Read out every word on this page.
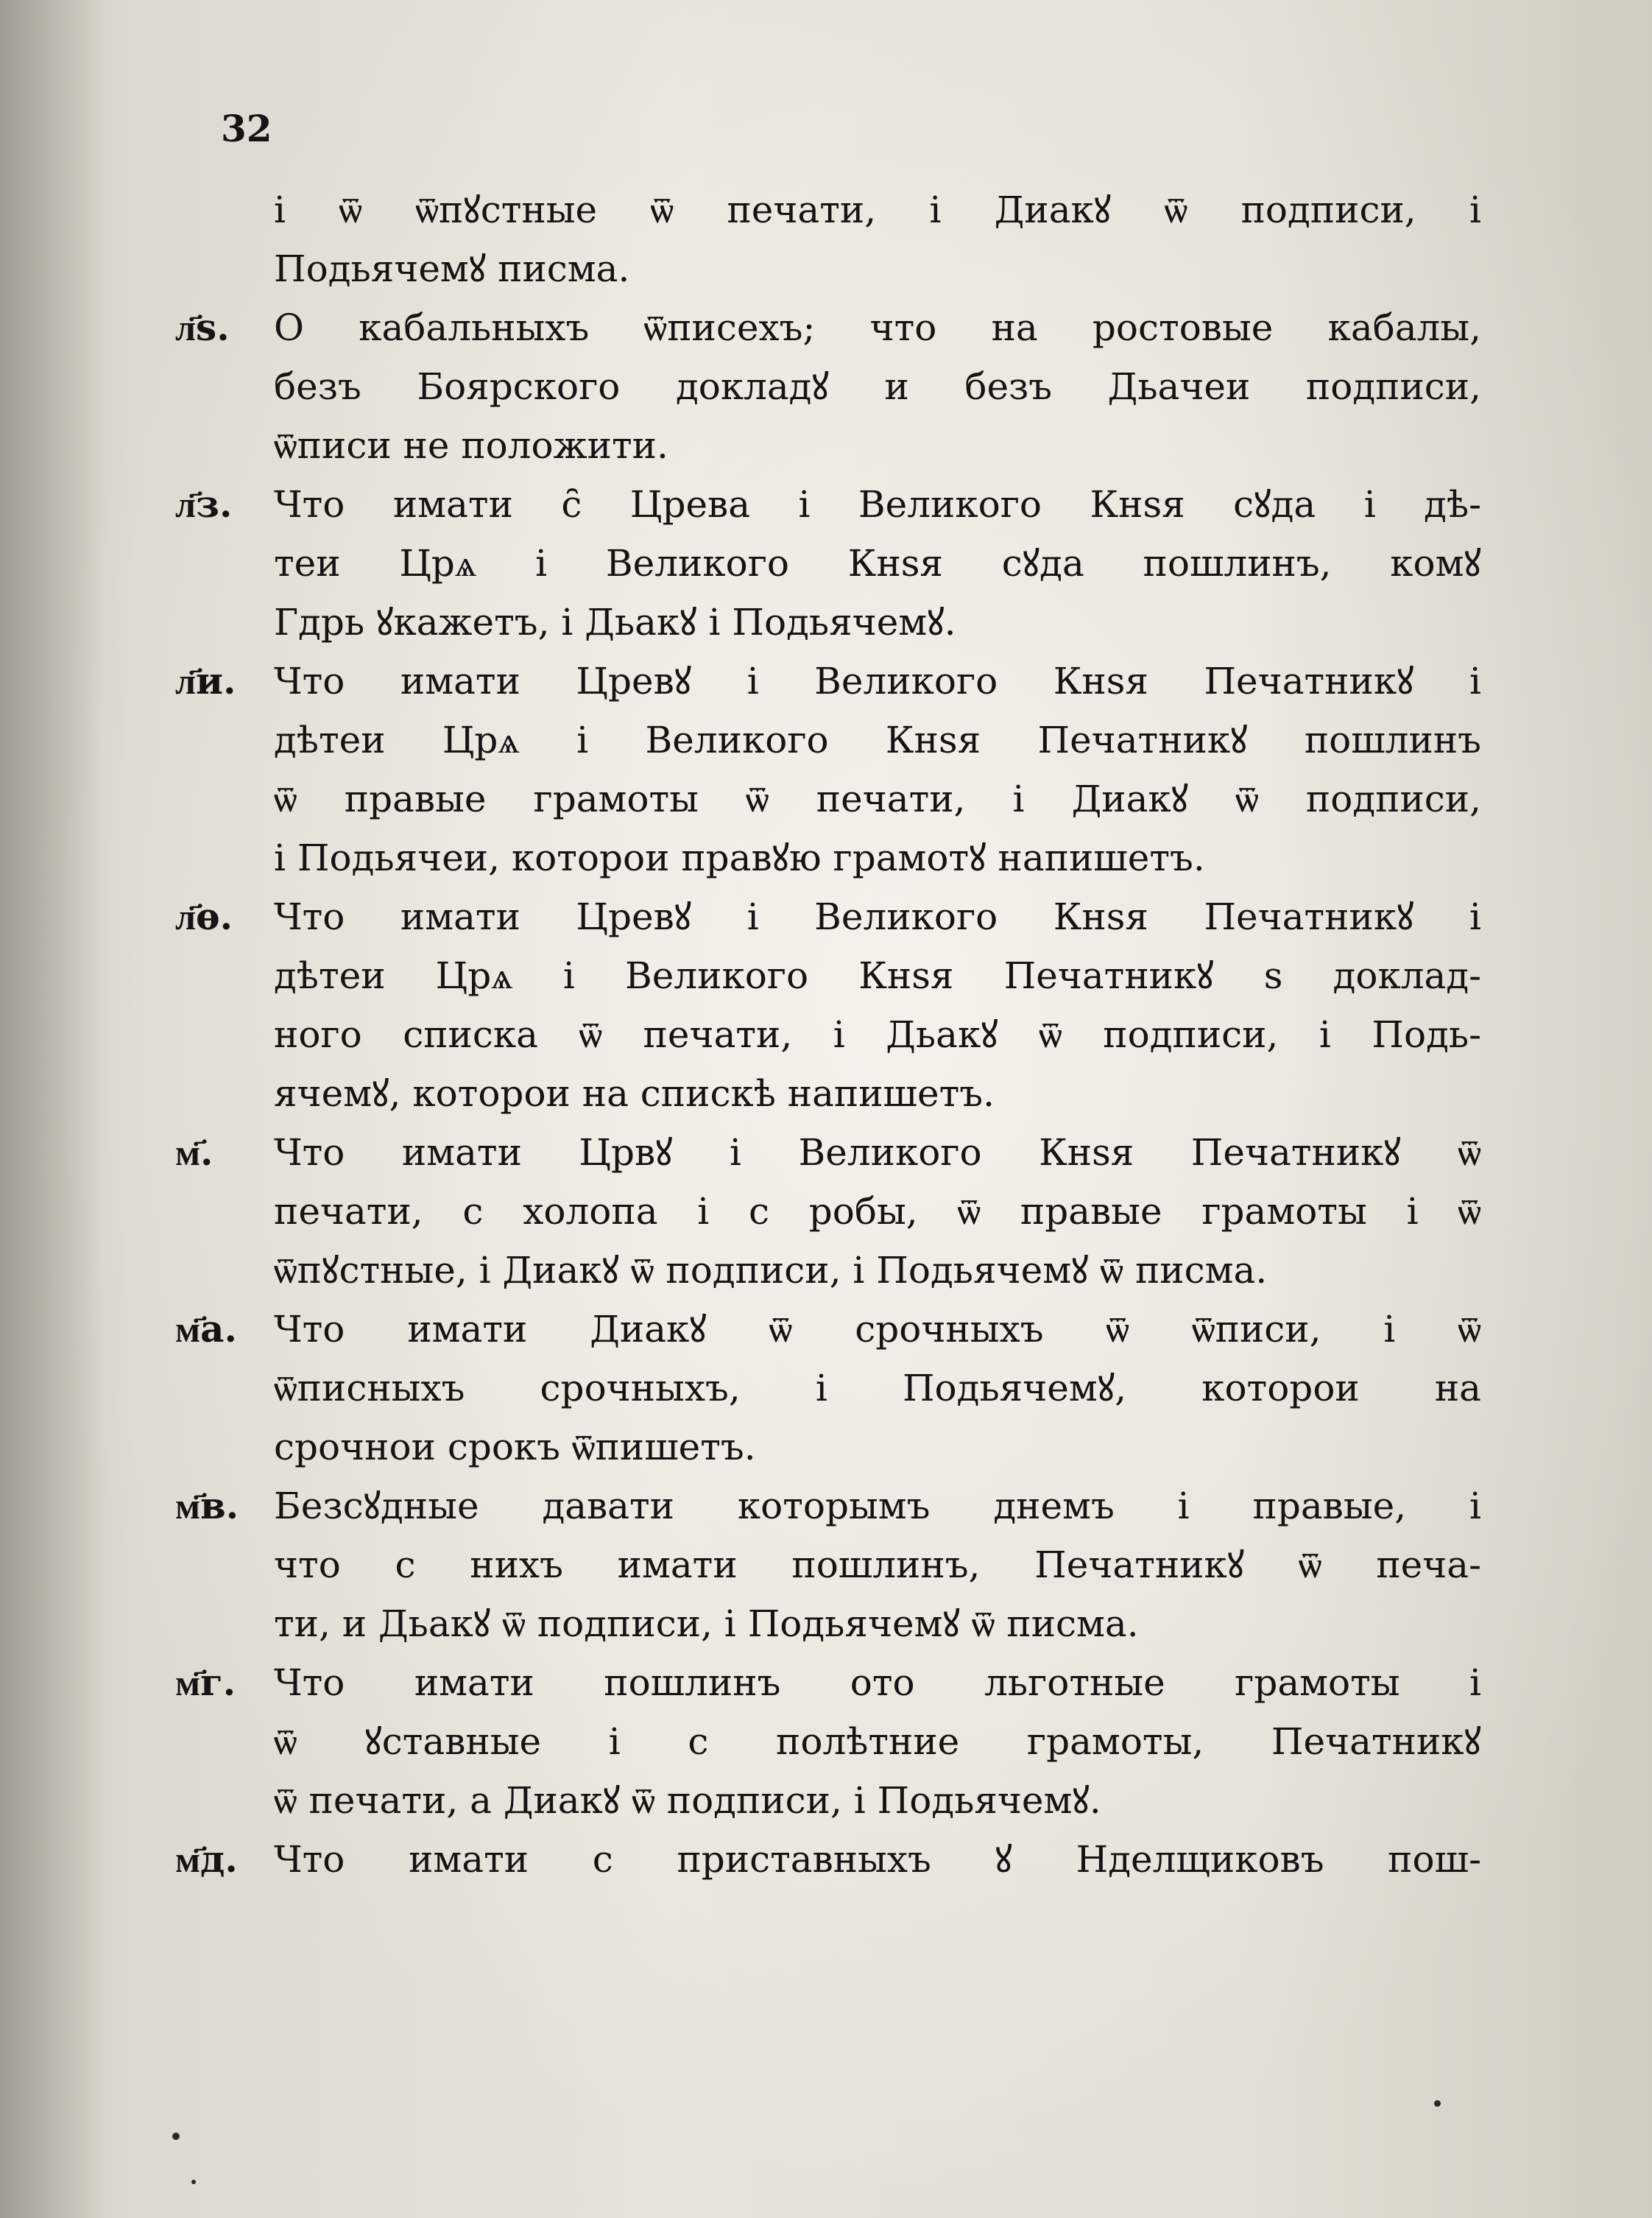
32
і ѿ ѿпꙋстные ѿ печати, і Диакꙋ ѿ подписи, і
Подьячемꙋ писма.
л҃ѕ.	О кабальныхъ ѿписехъ; что на ростовые кабалы,
безъ Боярского докладꙋ и безъ Дьачеи подписи,
ѿписи не положити.
л҃з.	Что имати с̑ Црева і Великого Кнѕя сꙋда і дѣ-
теи Црѧ і Великого Кнѕя сꙋда пошлинъ, комꙋ
Гдрь ꙋкажетъ, і Дьакꙋ і Подьячемꙋ.
л҃и.	Что имати Цревꙋ і Великого Кнѕя Печатникꙋ і
дѣтеи Црѧ і Великого Кнѕя Печатникꙋ пошлинъ
ѿ правые грамоты ѿ печати, і Диакꙋ ѿ подписи,
і Подьячеи, которои правꙋю грамотꙋ напишетъ.
л҃ѳ.	Что имати Цревꙋ і Великого Кнѕя Печатникꙋ і
дѣтеи Црѧ і Великого Кнѕя Печатникꙋ ѕ доклад-
ного списка ѿ печати, і Дьакꙋ ѿ подписи, і Подь-
ячемꙋ, которои на спискѣ напишетъ.
м҃.	Что имати Црвꙋ і Великого Кнѕя Печатникꙋ ѿ
печати, с холопа і с робы, ѿ правые грамоты і ѿ
ѿпꙋстные, і Диакꙋ ѿ подписи, і Подьячемꙋ ѿ писма.
м҃а.	Что имати Диакꙋ ѿ срочныхъ ѿ ѿписи, і ѿ
ѿписныхъ срочныхъ, і Подьячемꙋ, которои на
срочнои срокъ ѿпишетъ.
м҃в. Безсꙋдные давати которымъ днемъ і правые, і
что с нихъ имати пошлинъ, Печатникꙋ ѿ печа-
ти, и Дьакꙋ ѿ подписи, і Подьячемꙋ ѿ писма.
м҃г.	Что имати пошлинъ ото льготные грамоты і
ѿ ꙋставные і с полѣтние грамоты, Печатникꙋ
ѿ печати, а Диакꙋ ѿ подписи, і Подьячемꙋ.
м҃д. Что имати с приставныхъ ꙋ Нделщиковъ пош-
